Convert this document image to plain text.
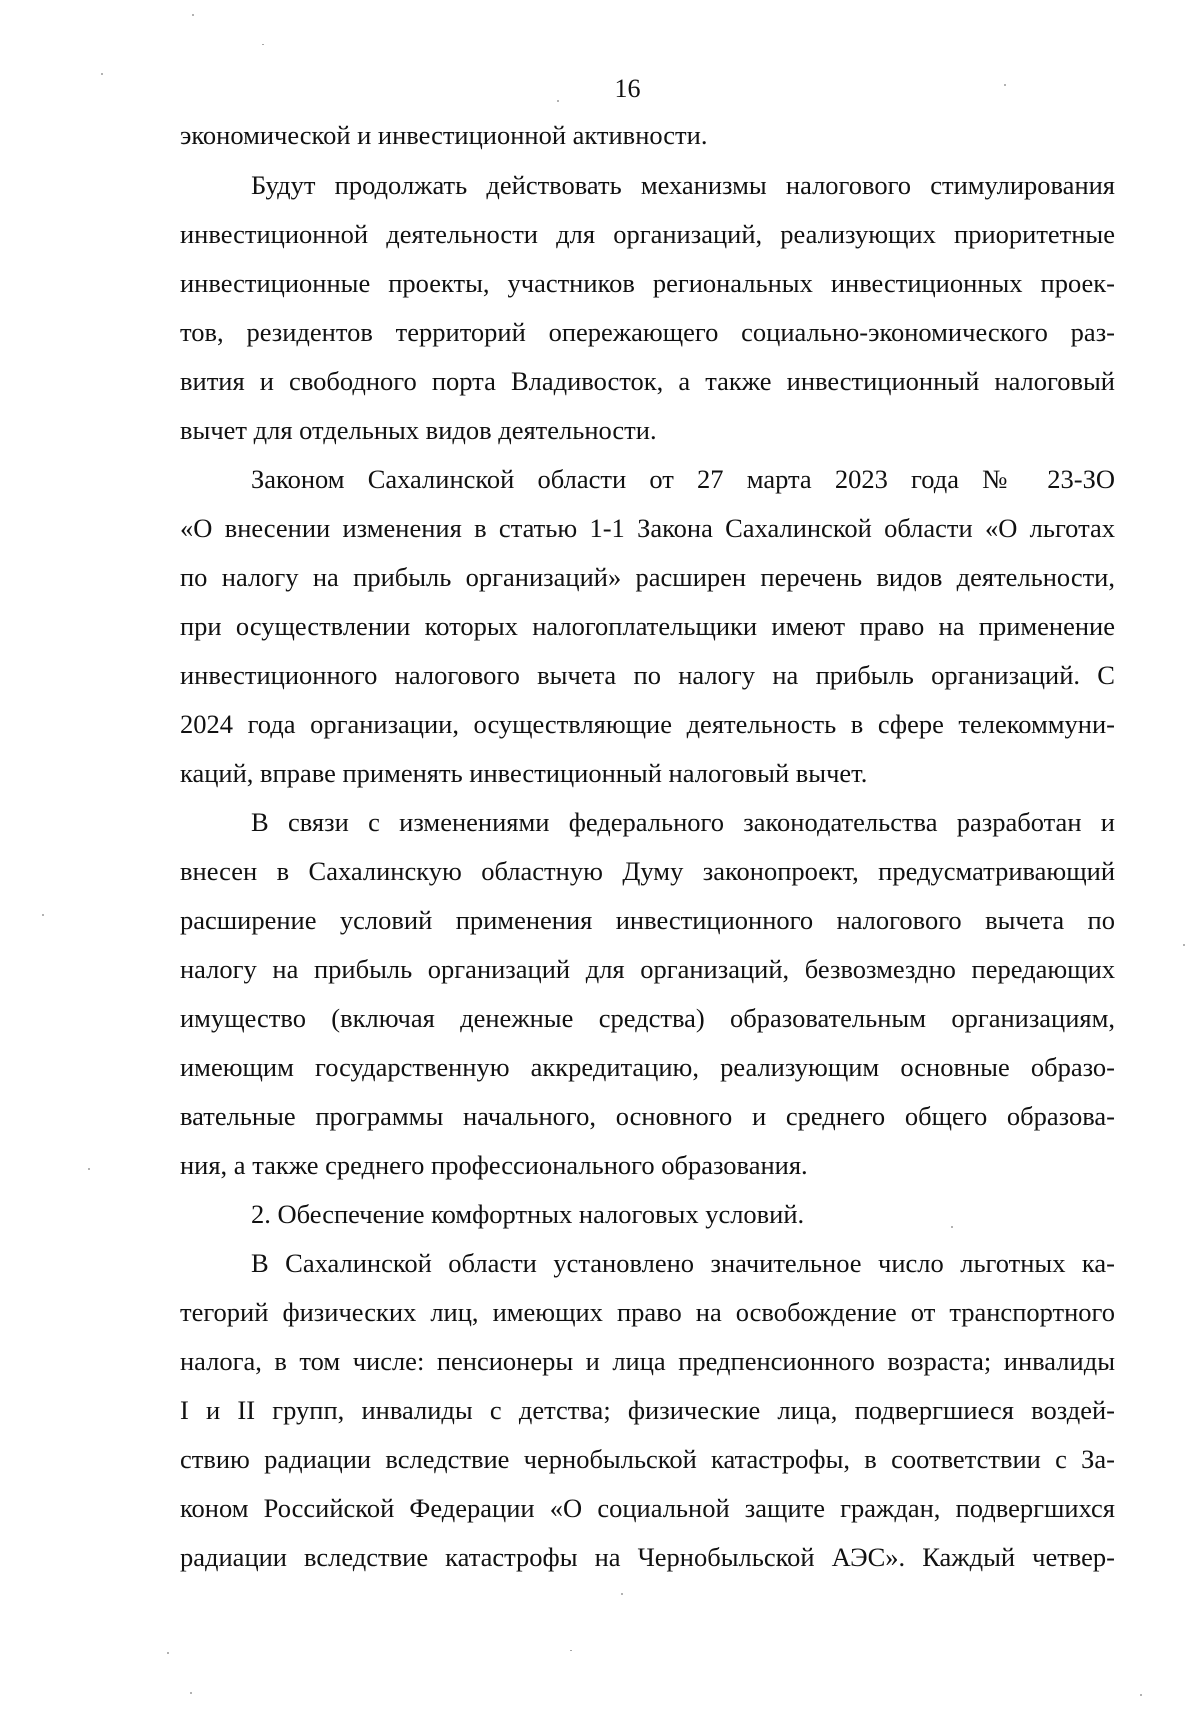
16
экономической и инвестиционной активности.
Будут продолжать действовать механизмы налогового стимулирования
инвестиционной деятельности для организаций, реализующих приоритетные
инвестиционные проекты, участников региональных инвестиционных проек-
тов, резидентов территорий опережающего социально-экономического раз-
вития и свободного порта Владивосток, а также инвестиционный налоговый
вычет для отдельных видов деятельности.
Законом Сахалинской области от 27 марта 2023 года № 23-ЗО
«О внесении изменения в статью 1-1 Закона Сахалинской области «О льготах
по налогу на прибыль организаций» расширен перечень видов деятельности,
при осуществлении которых налогоплательщики имеют право на применение
инвестиционного налогового вычета по налогу на прибыль организаций. С
2024 года организации, осуществляющие деятельность в сфере телекоммуни-
каций, вправе применять инвестиционный налоговый вычет.
В связи с изменениями федерального законодательства разработан и
внесен в Сахалинскую областную Думу законопроект, предусматривающий
расширение условий применения инвестиционного налогового вычета по
налогу на прибыль организаций для организаций, безвозмездно передающих
имущество (включая денежные средства) образовательным организациям,
имеющим государственную аккредитацию, реализующим основные образо-
вательные программы начального, основного и среднего общего образова-
ния, а также среднего профессионального образования.
2. Обеспечение комфортных налоговых условий.
В Сахалинской области установлено значительное число льготных ка-
тегорий физических лиц, имеющих право на освобождение от транспортного
налога, в том числе: пенсионеры и лица предпенсионного возраста; инвалиды
I и II групп, инвалиды с детства; физические лица, подвергшиеся воздей-
ствию радиации вследствие чернобыльской катастрофы, в соответствии с За-
коном Российской Федерации «О социальной защите граждан, подвергшихся
радиации вследствие катастрофы на Чернобыльской АЭС». Каждый четвер-
